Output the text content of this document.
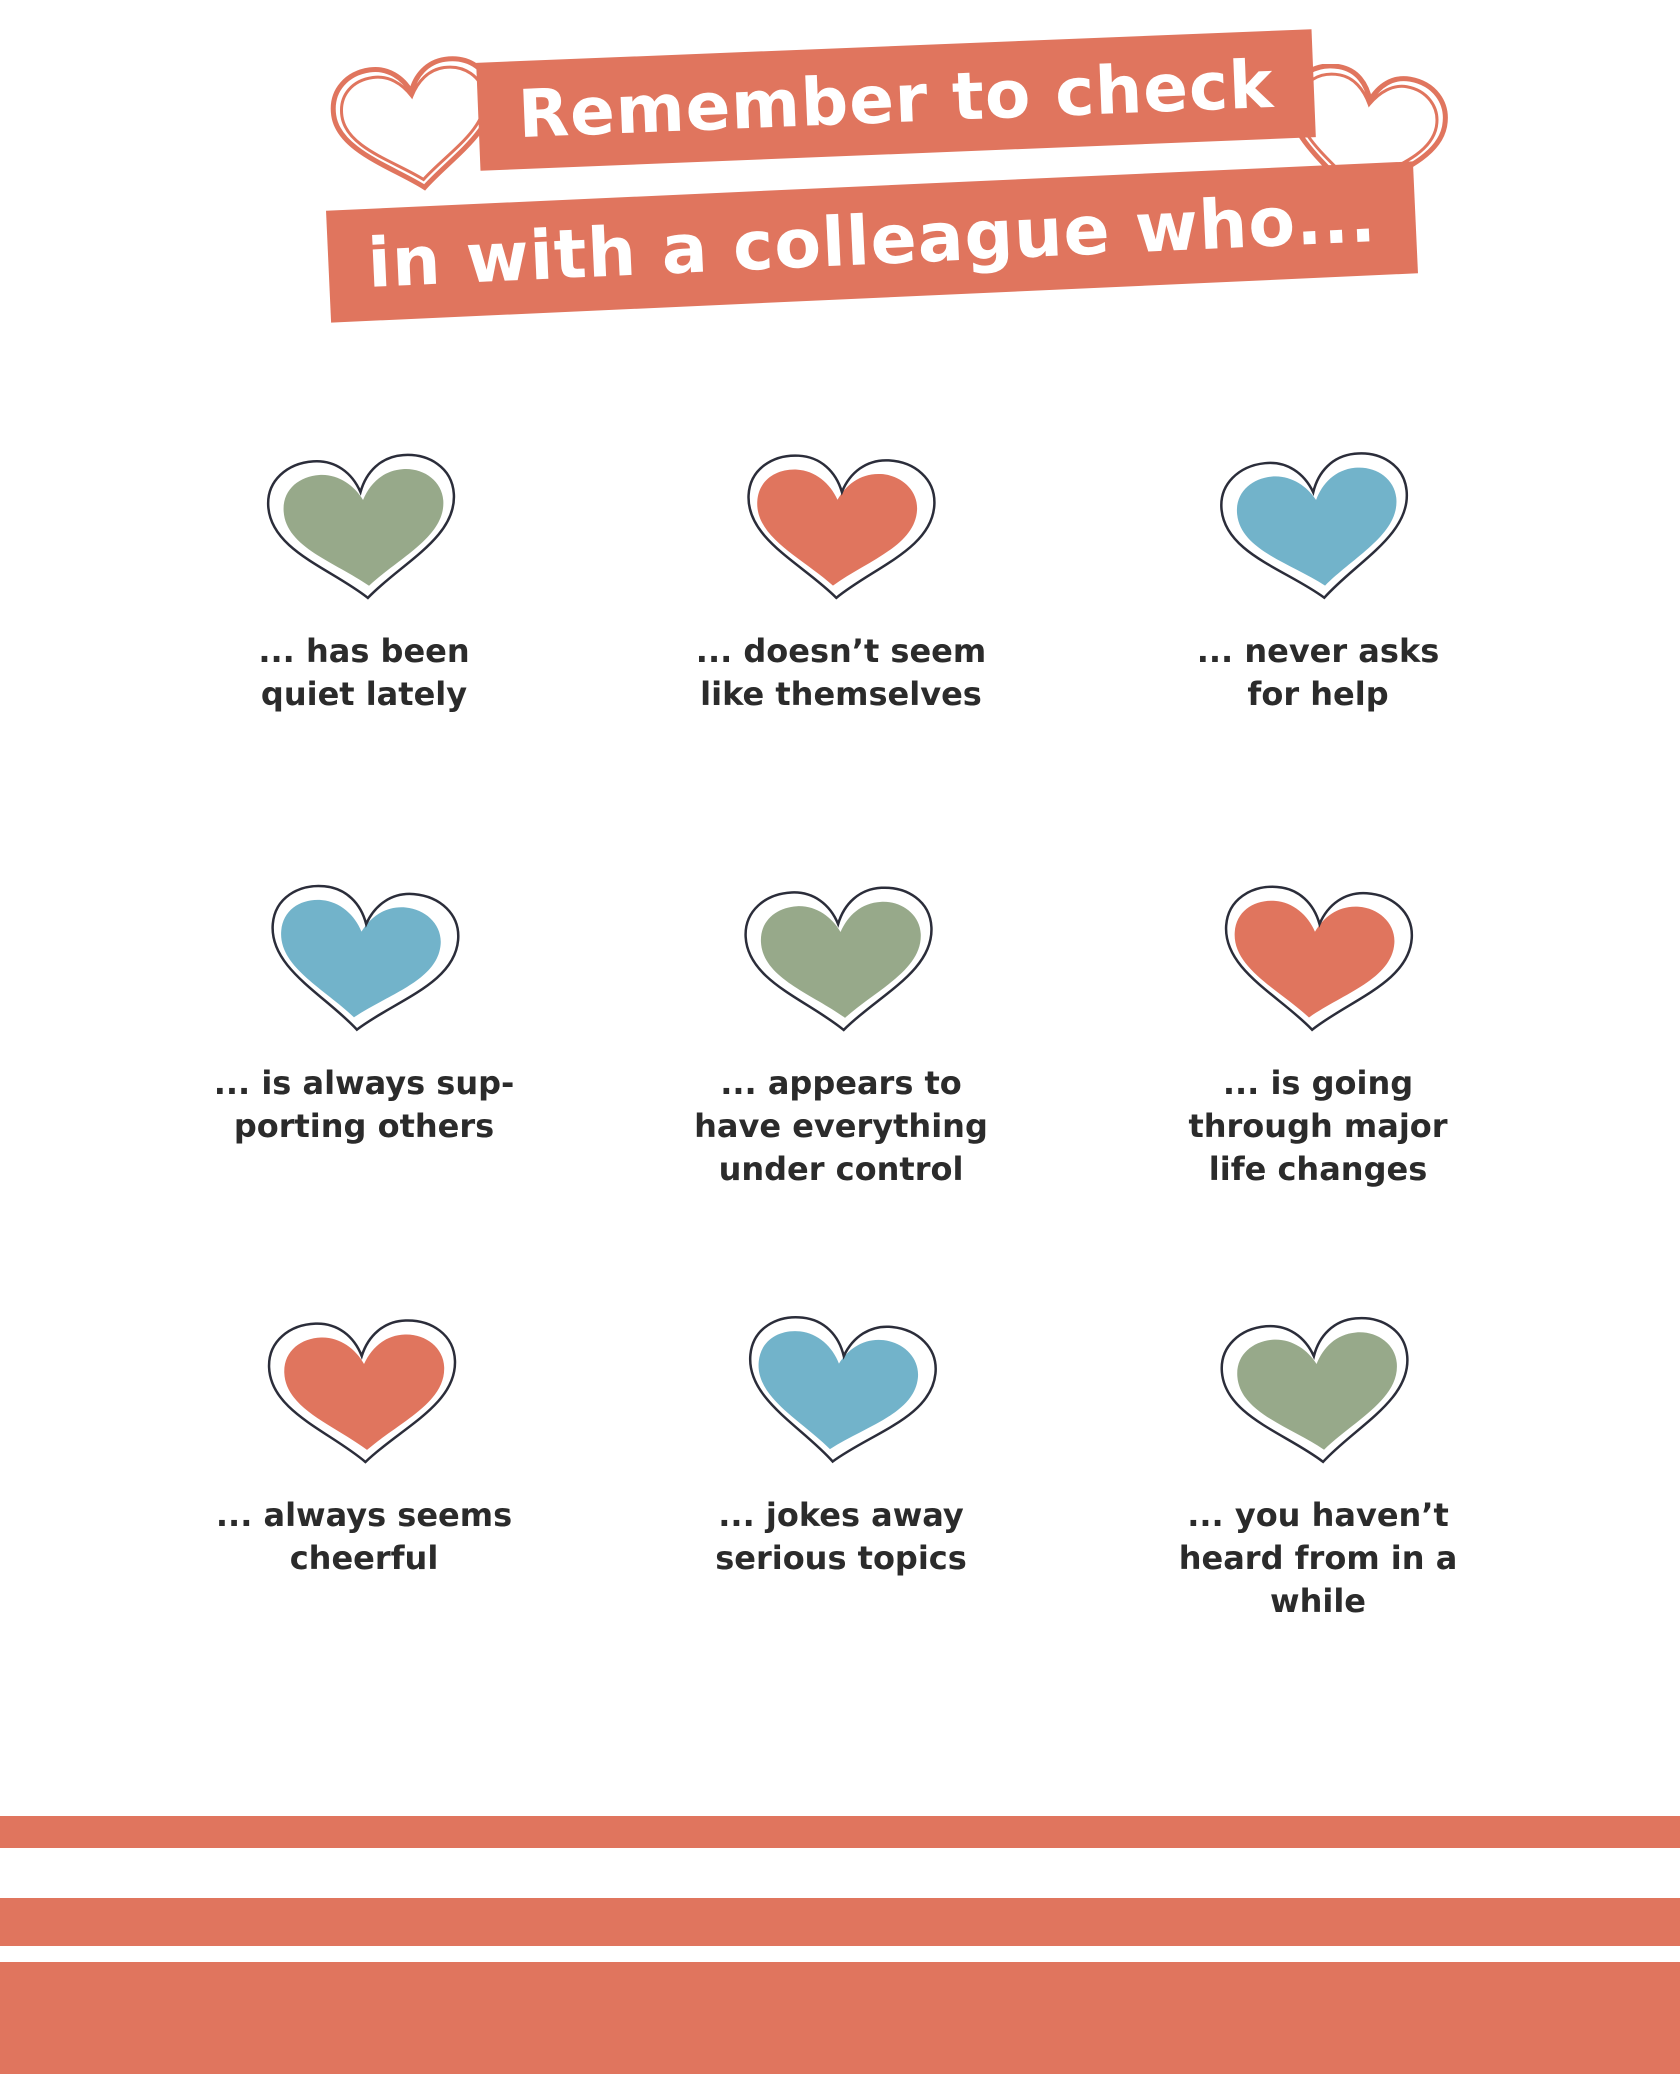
Remember to check
in with a colleague who...
... has been
quiet lately
... doesn’t seem
like themselves
... never asks
for help
... is always sup-
porting others
... appears to
have everything
under control
... is going
through major
life changes
... always seems
cheerful
... jokes away
serious topics
... you haven’t
heard from in a
while
